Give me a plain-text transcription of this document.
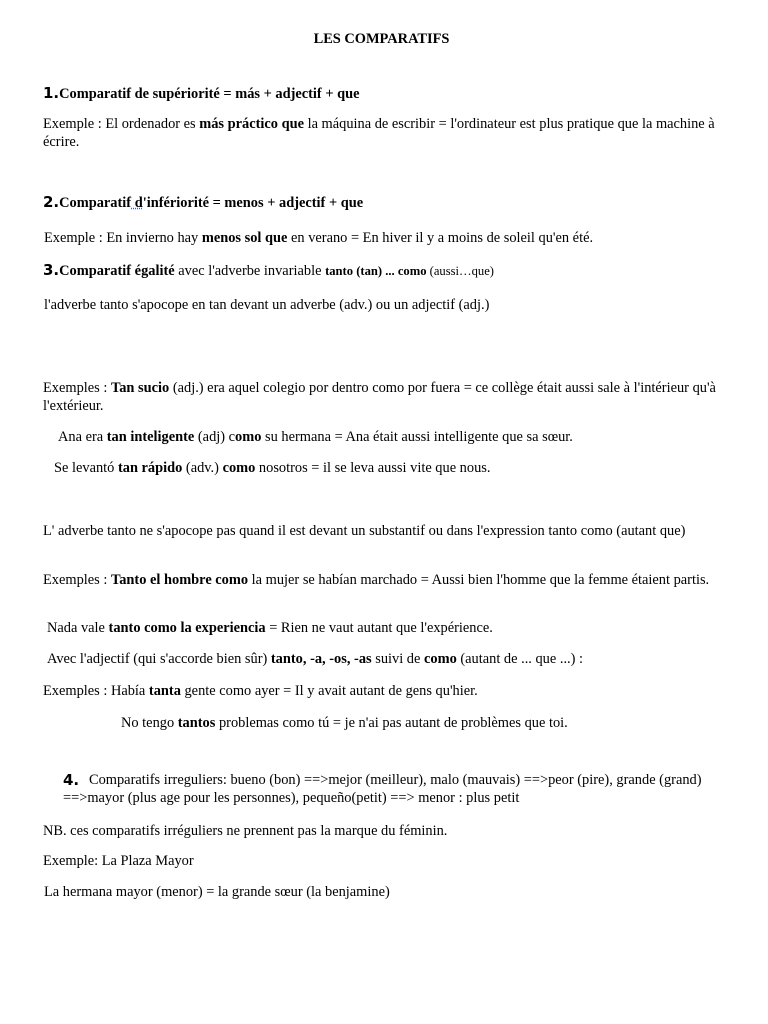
LES COMPARATIFS
1.Comparatif de supériorité = más + adjectif + que
Exemple : El ordenador es más práctico que la máquina de escribir = l'ordinateur est plus pratique que la machine à écrire.
2.Comparatif d'infériorité = menos + adjectif + que
Exemple : En invierno hay menos sol que en verano = En hiver il y a moins de soleil qu'en été.
3.Comparatif égalité avec l'adverbe invariable tanto (tan) ... como (aussi…que)
l'adverbe tanto s'apocope en tan devant un adverbe (adv.) ou un adjectif (adj.)
Exemples : Tan sucio (adj.) era aquel colegio por dentro como por fuera = ce collège était aussi sale à l'intérieur qu'à l'extérieur.
Ana era tan inteligente (adj) como su hermana = Ana était aussi intelligente que sa sœur.
Se levantó tan rápido (adv.) como nosotros = il se leva aussi vite que nous.
L' adverbe tanto ne s'apocope pas quand il est devant un substantif ou dans l'expression tanto como (autant que)
Exemples : Tanto el hombre como la mujer se habían marchado = Aussi bien l'homme que la femme étaient partis.
Nada vale tanto como la experiencia = Rien ne vaut autant que l'expérience.
Avec l'adjectif (qui s'accorde bien sûr) tanto, -a, -os, -as suivi de como (autant de ... que ...) :
Exemples : Había tanta gente como ayer = Il y avait autant de gens qu'hier.
No tengo tantos problemas como tú = je n'ai pas autant de problèmes que toi.
4. Comparatifs irreguliers: bueno (bon) ==>mejor (meilleur), malo (mauvais) ==>peor (pire), grande (grand) ==>mayor (plus age pour les personnes), pequeño(petit) ==> menor : plus petit
NB. ces comparatifs irréguliers ne prennent pas la marque du féminin.
Exemple: La Plaza Mayor
La hermana mayor (menor) = la grande sœur (la benjamine)
